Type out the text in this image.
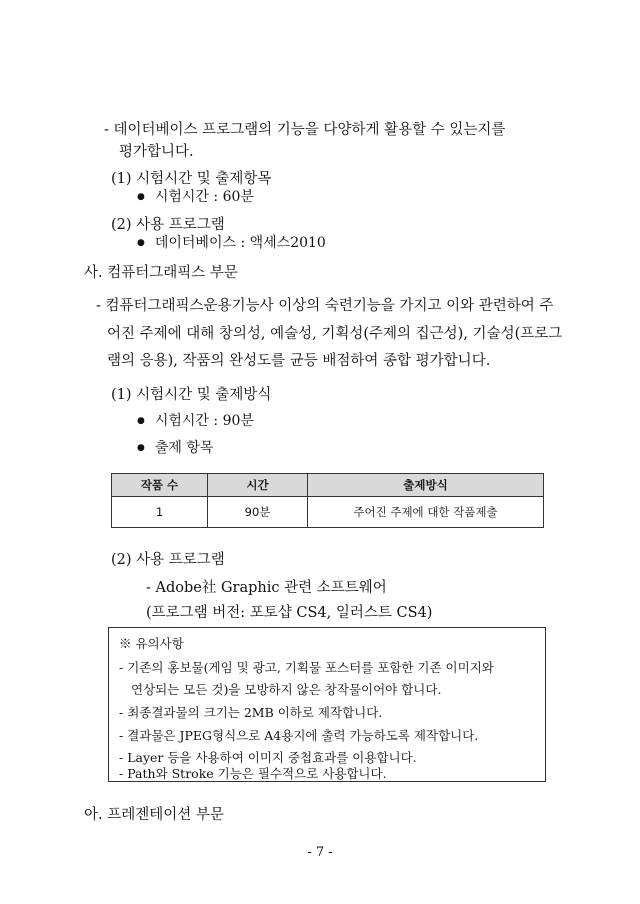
- 데이터베이스 프로그램의 기능을 다양하게 활용할 수 있는지를
평가합니다.
(1) 시험시간 및 출제항목
● 시험시간 : 60분
(2) 사용 프로그램
● 데이터베이스 : 액세스2010
사. 컴퓨터그래픽스 부문
- 컴퓨터그래픽스운용기능사 이상의 숙련기능을 가지고 이와 관련하여 주
어진 주제에 대해 창의성, 예술성, 기획성(주제의 집근성), 기술성(프로그
램의 응용), 작품의 완성도를 균등 배점하여 종합 평가합니다.
(1) 시험시간 및 출제방식
● 시험시간 : 90분
● 출제 항목
작품 수	시간	출제방식
1	90분	주어진 주제에 대한 작품제출
(2) 사용 프로그램
- Adobe社 Graphic 관련 소프트웨어
(프로그램 버전: 포토샵 CS4, 일러스트 CS4)
※ 유의사항
- 기존의 홍보물(게임 및 광고, 기획물 포스터를 포함한 기존 이미지와
연상되는 모든 것)을 모방하지 않은 창작물이어야 합니다.
- 최종결과물의 크기는 2MB 이하로 제작합니다.
- 결과물은 JPEG형식으로 A4용지에 출력 가능하도록 제작합니다.
- Layer 등을 사용하여 이미지 중첩효과를 이용합니다.
- Path와 Stroke 기능은 필수적으로 사용합니다.
아. 프레젠테이션 부문
- 7 -
